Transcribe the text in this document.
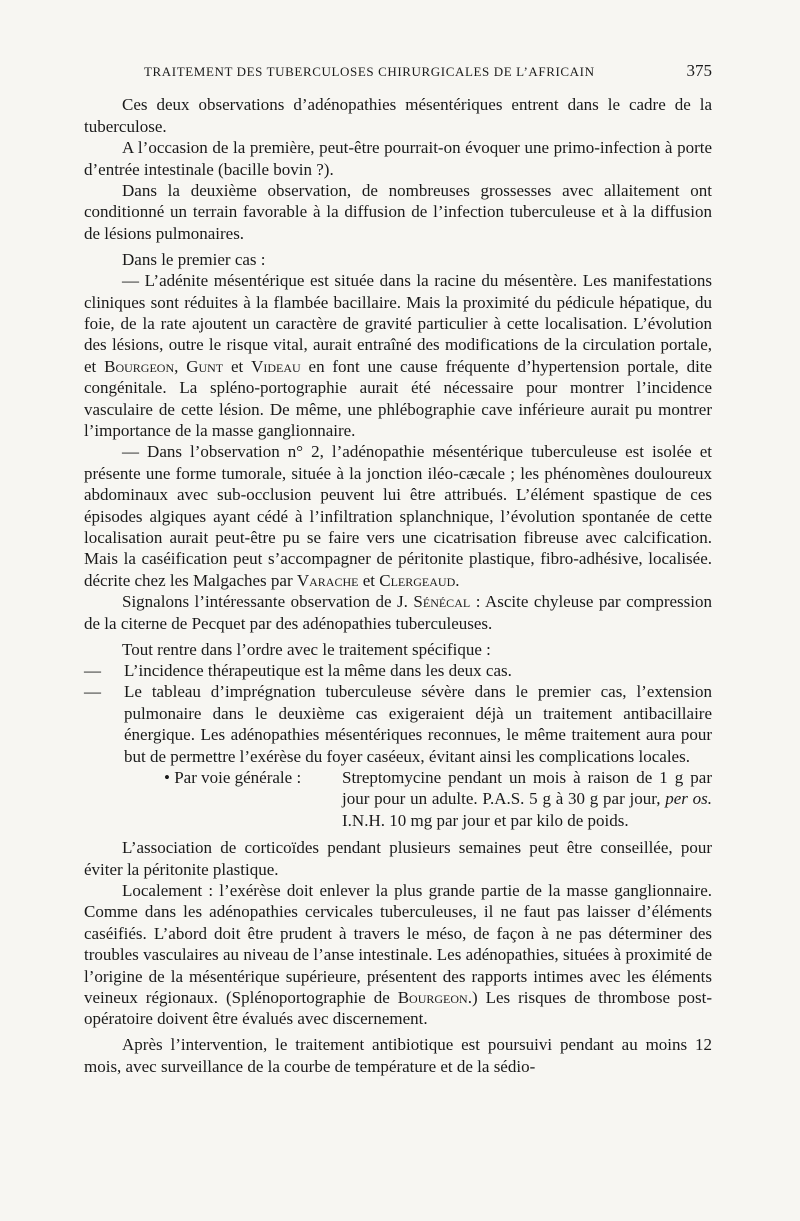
TRAITEMENT DES TUBERCULOSES CHIRURGICALES DE L’AFRICAIN	375

Ces deux observations d’adénopathies mésentériques entrent dans le cadre de la tuberculose.

A l’occasion de la première, peut-être pourrait-on évoquer une primo-infection à porte d’entrée intestinale (bacille bovin ?).

Dans la deuxième observation, de nombreuses grossesses avec allaitement ont conditionné un terrain favorable à la diffusion de l’infection tuberculeuse et à la diffusion de lésions pulmonaires.

Dans le premier cas :

— L’adénite mésentérique est située dans la racine du mésentère. Les manifestations cliniques sont réduites à la flambée bacillaire. Mais la proximité du pédicule hépatique, du foie, de la rate ajoutent un caractère de gravité particulier à cette localisation. L’évolution des lésions, outre le risque vital, aurait entraîné des modifications de la circulation portale, et Bourgeon, Gunt et Videau en font une cause fréquente d’hypertension portale, dite congénitale. La spléno-portographie aurait été nécessaire pour montrer l’incidence vasculaire de cette lésion. De même, une phlébographie cave inférieure aurait pu montrer l’importance de la masse ganglionnaire.

— Dans l’observation n° 2, l’adénopathie mésentérique tuberculeuse est isolée et présente une forme tumorale, située à la jonction iléo-cæcale ; les phénomènes douloureux abdominaux avec sub-occlusion peuvent lui être attribués. L’élément spastique de ces épisodes algiques ayant cédé à l’infiltration splanchnique, l’évolution spontanée de cette localisation aurait peut-être pu se faire vers une cicatrisation fibreuse avec calcification. Mais la caséification peut s’accompagner de péritonite plastique, fibro-adhésive, localisée. décrite chez les Malgaches par Varache et Clergeaud.

Signalons l’intéressante observation de J. Sénécal : Ascite chyleuse par compression de la citerne de Pecquet par des adénopathies tuberculeuses.

Tout rentre dans l’ordre avec le traitement spécifique :

—	L’incidence thérapeutique est la même dans les deux cas.
—	Le tableau d’imprégnation tuberculeuse sévère dans le premier cas, l’extension pulmonaire dans le deuxième cas exigeraient déjà un traitement antibacillaire énergique. Les adénopathies mésentériques reconnues, le même traitement aura pour but de permettre l’exérèse du foyer caséeux, évitant ainsi les complications locales.
• Par voie générale :	Streptomycine pendant un mois à raison de 1 g par jour pour un adulte. P.A.S. 5 g à 30 g par jour, per os. I.N.H. 10 mg par jour et par kilo de poids.

L’association de corticoïdes pendant plusieurs semaines peut être conseillée, pour éviter la péritonite plastique.

Localement : l’exérèse doit enlever la plus grande partie de la masse ganglionnaire. Comme dans les adénopathies cervicales tuberculeuses, il ne faut pas laisser d’éléments caséifiés. L’abord doit être prudent à travers le méso, de façon à ne pas déterminer des troubles vasculaires au niveau de l’anse intestinale. Les adénopathies, situées à proximité de l’origine de la mésentérique supérieure, présentent des rapports intimes avec les éléments veineux régionaux. (Splénoportographie de Bourgeon.) Les risques de thrombose post-opératoire doivent être évalués avec discernement.

Après l’intervention, le traitement antibiotique est poursuivi pendant au moins 12 mois, avec surveillance de la courbe de température et de la sédio-
